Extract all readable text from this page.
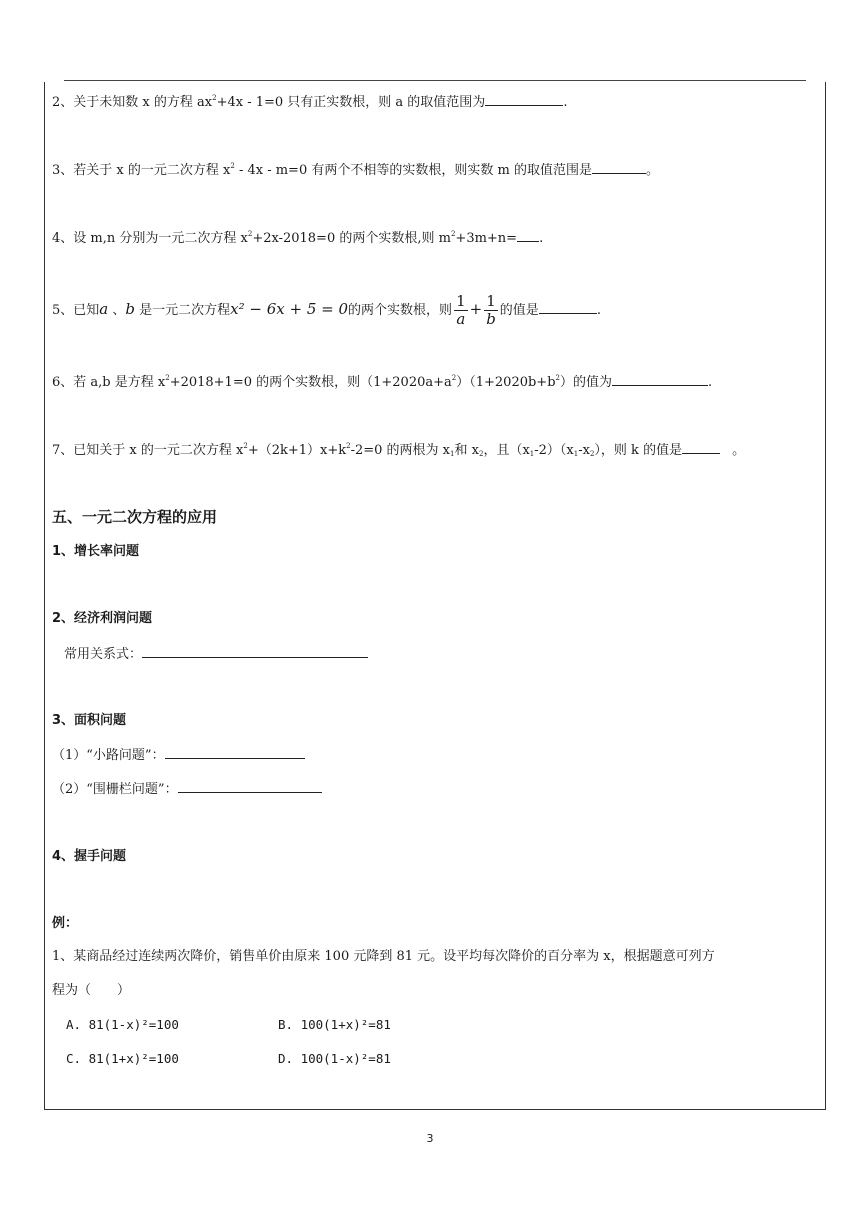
2、关于未知数 x 的方程 $ax^2+4x - 1=0$ 只有正实数根，则 a 的取值范围为	.
3、若关于 x 的一元二次方程 $x^2 - 4x - m=0$ 有两个不相等的实数根，则实数 m 的取值范围是	。
4、设 m,n 分别为一元二次方程 $x^2+2x-2018=0$ 的两个实数根,则 $m^2+3m+n=$ .
5、已知a 、b 是一元二次方程x² − 6x + 5 = 0的两个实数根，则 $\frac{1}{a} + \frac{1}{b}$ 的值是	.
6、若 a,b 是方程 $x^2+2018+1=0$ 的两个实数根，则$(1+2020a+a^2)(1+2020b+b^2)$的值为	.
7、已知关于 x 的一元二次方程 $x^2+(2k+1)x+k^2-2=0$ 的两根为 $x_1$和 $x_2$，且$(x_1-2)(x_1-x_2)$，则 k 的值是	。
五、一元二次方程的应用
1、增长率问题
2、经济利润问题
常用关系式：
3、面积问题
（1）“小路问题”：
（2）“围栅栏问题”：
4、握手问题
例：
1、某商品经过连续两次降价，销售单价由原来 100 元降到 81 元。设平均每次降价的百分率为 x，根据题意可列方
程为（　　）
A. 81(1-x)²=100	B. 100(1+x)²=81
C. 81(1+x)²=100	D. 100(1-x)²=81
3
